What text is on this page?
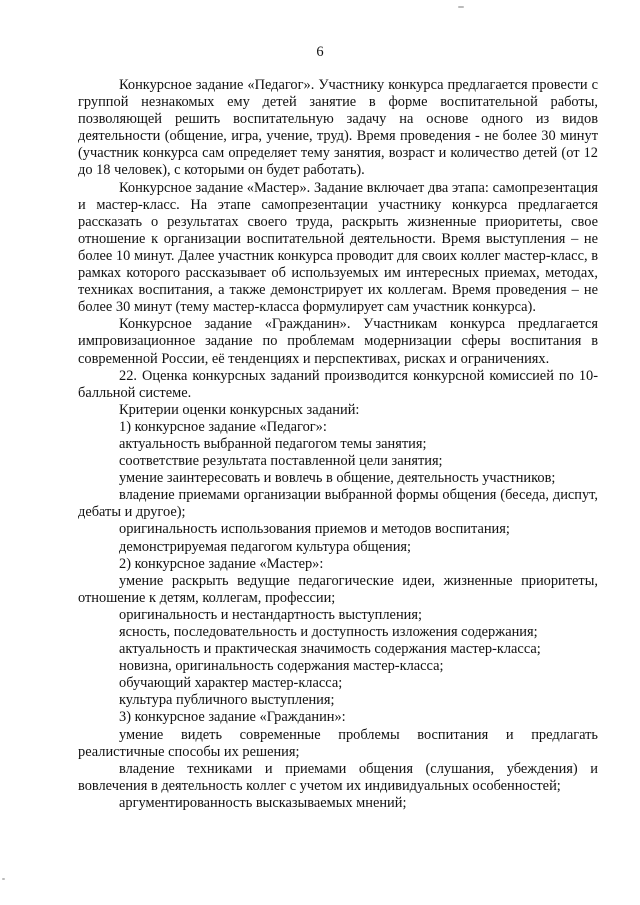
6

Конкурсное задание «Педагог». Участнику конкурса предлагается провести с группой незнакомых ему детей занятие в форме воспитательной работы, позволяющей решить воспитательную задачу на основе одного из видов деятельности (общение, игра, учение, труд). Время проведения - не более 30 минут (участник конкурса сам определяет тему занятия, возраст и количество детей (от 12 до 18 человек), с которыми он будет работать).

Конкурсное задание «Мастер». Задание включает два этапа: самопрезентация и мастер-класс. На этапе самопрезентации участнику конкурса предлагается рассказать о результатах своего труда, раскрыть жизненные приоритеты, свое отношение к организации воспитательной деятельности. Время выступления – не более 10 минут. Далее участник конкурса проводит для своих коллег мастер-класс, в рамках которого рассказывает об используемых им интересных приемах, методах, техниках воспитания, а также демонстрирует их коллегам. Время проведения – не более 30 минут (тему мастер-класса формулирует сам участник конкурса).

Конкурсное задание «Гражданин». Участникам конкурса предлагается импровизационное задание по проблемам модернизации сферы воспитания в современной России, её тенденциях и перспективах, рисках и ограничениях.

22. Оценка конкурсных заданий производится конкурсной комиссией по 10-балльной системе.

Критерии оценки конкурсных заданий:

1) конкурсное задание «Педагог»:

актуальность выбранной педагогом темы занятия;

соответствие результата поставленной цели занятия;

умение заинтересовать и вовлечь в общение, деятельность участников;

владение приемами организации выбранной формы общения (беседа, диспут, дебаты и другое);

оригинальность использования приемов и методов воспитания;

демонстрируемая педагогом культура общения;

2) конкурсное задание «Мастер»:

умение раскрыть ведущие педагогические идеи, жизненные приоритеты, отношение к детям, коллегам, профессии;

оригинальность и нестандартность выступления;

ясность, последовательность и доступность изложения содержания;

актуальность и практическая значимость содержания мастер-класса;

новизна, оригинальность содержания мастер-класса;

обучающий характер мастер-класса;

культура публичного выступления;

3) конкурсное задание «Гражданин»:

умение видеть современные проблемы воспитания и предлагать реалистичные способы их решения;

владение техниками и приемами общения (слушания, убеждения) и вовлечения в деятельность коллег с учетом их индивидуальных особенностей;

аргументированность высказываемых мнений;
